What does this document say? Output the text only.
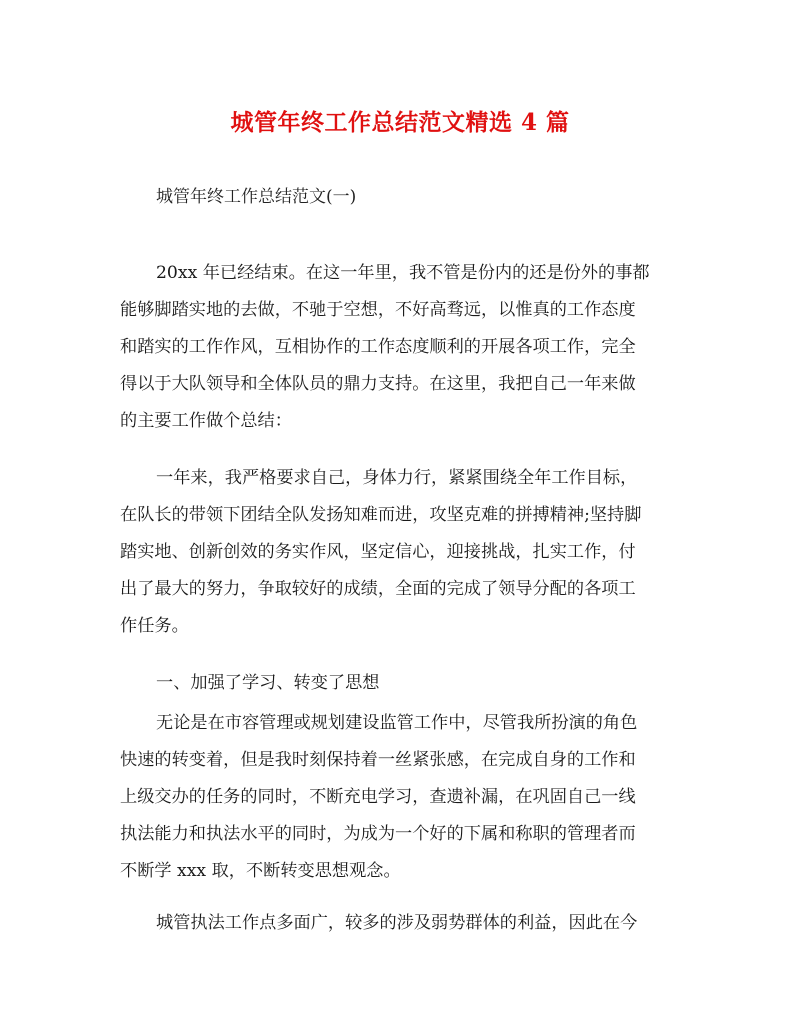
城管年终工作总结范文精选 4 篇
城管年终工作总结范文(一)
20xx 年已经结束。在这一年里，我不管是份内的还是份外的事都
能够脚踏实地的去做，不驰于空想，不好高骛远，以惟真的工作态度
和踏实的工作作风，互相协作的工作态度顺利的开展各项工作，完全
得以于大队领导和全体队员的鼎力支持。在这里，我把自己一年来做
的主要工作做个总结：
一年来，我严格要求自己，身体力行，紧紧围绕全年工作目标，
在队长的带领下团结全队发扬知难而进，攻坚克难的拼搏精神;坚持脚
踏实地、创新创效的务实作风，坚定信心，迎接挑战，扎实工作，付
出了最大的努力，争取较好的成绩，全面的完成了领导分配的各项工
作任务。
一、加强了学习、转变了思想
无论是在市容管理或规划建设监管工作中，尽管我所扮演的角色
快速的转变着，但是我时刻保持着一丝紧张感，在完成自身的工作和
上级交办的任务的同时，不断充电学习，查遗补漏，在巩固自己一线
执法能力和执法水平的同时，为成为一个好的下属和称职的管理者而
不断学 xxx 取，不断转变思想观念。
城管执法工作点多面广，较多的涉及弱势群体的利益，因此在今
